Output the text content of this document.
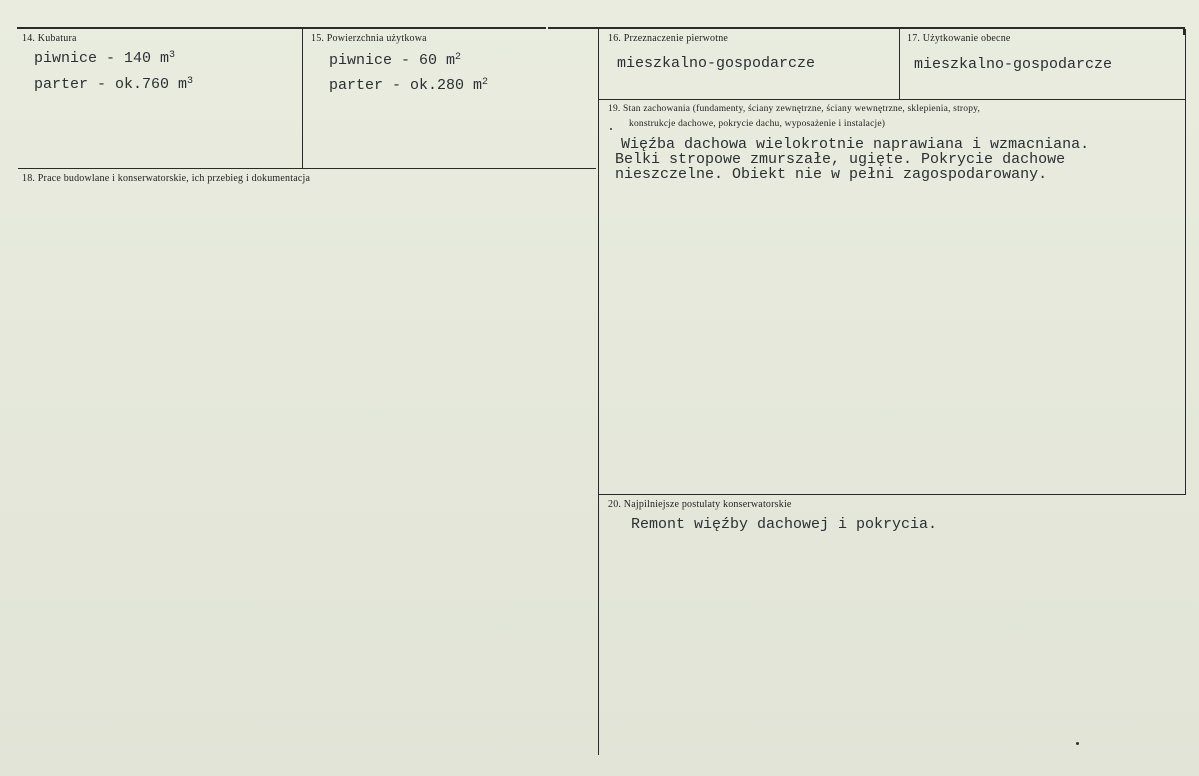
14. Kubatura
piwnice - 140 $m^3$
parter - ok.760 $m^3$
15. Powierzchnia użytkowa
piwnice - 60 $m^2$
parter - ok.280 $m^2$
16. Przeznaczenie pierwotne
mieszkalno-gospodarcze
17. Użytkowanie obecne
mieszkalno-gospodarcze
18. Prace budowlane i konserwatorskie, ich przebieg i dokumentacja
19. Stan zachowania (fundamenty, ściany zewnętrzne, ściany wewnętrzne, sklepienia, stropy,
konstrukcje dachowe, pokrycie dachu, wyposażenie i instalacje)
Więźba dachowa wielokrotnie naprawiana i wzmacniana.
Belki stropowe zmurszałe, ugięte. Pokrycie dachowe
nieszczelne. Obiekt nie w pełni zagospodarowany.
20. Najpilniejsze postulaty konserwatorskie
Remont więźby dachowej i pokrycia.
